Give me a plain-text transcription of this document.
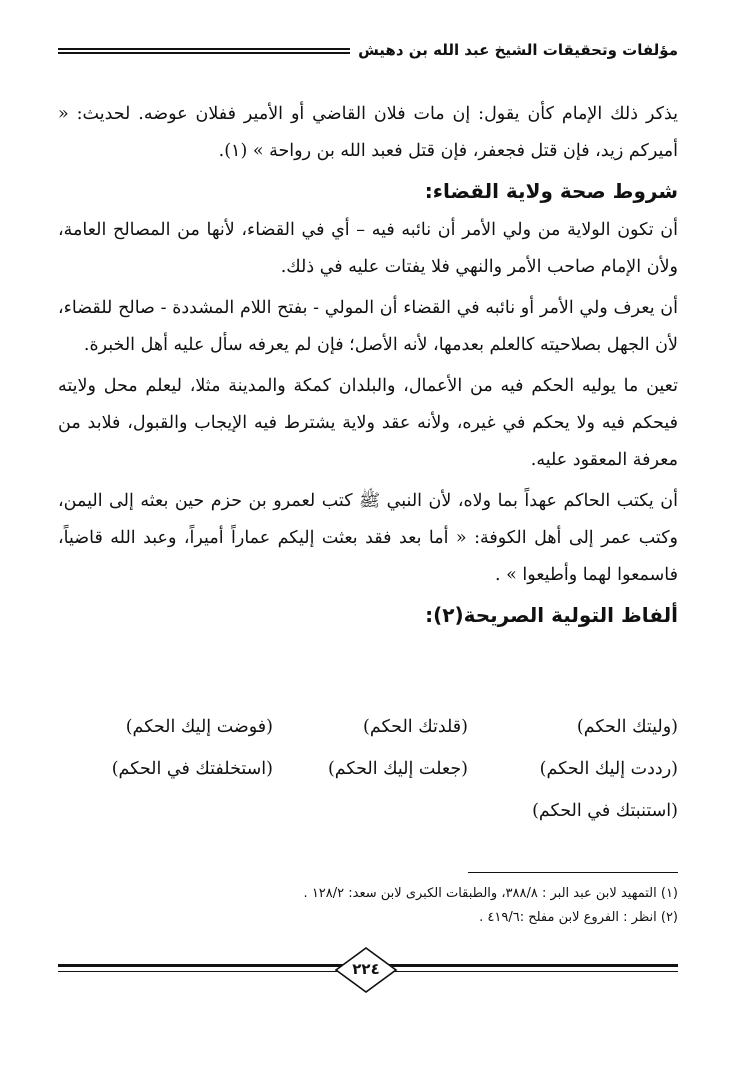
مؤلفات وتحقيقات الشيخ عبد الله بن دهيش

يذكر ذلك الإمام كأن يقول: إن مات فلان القاضي أو الأمير ففلان عوضه. لحديث: « أميركم زيد، فإن قتل فجعفر، فإن قتل فعبد الله بن رواحة » (١).

شروط صحة ولاية القضاء:

أن تكون الولاية من ولي الأمر أن نائبه فيه – أي في القضاء، لأنها من المصالح العامة، ولأن الإمام صاحب الأمر والنهي فلا يفتات عليه في ذلك.

أن يعرف ولي الأمر أو نائبه في القضاء أن المولي - بفتح اللام المشددة - صالح للقضاء، لأن الجهل بصلاحيته كالعلم بعدمها، لأنه الأصل؛ فإن لم يعرفه سأل عليه أهل الخبرة.

تعين ما يوليه الحكم فيه من الأعمال، والبلدان كمكة والمدينة مثلا، ليعلم محل ولايته فيحكم فيه ولا يحكم في غيره، ولأنه عقد ولاية يشترط فيه الإيجاب والقبول، فلابد من معرفة المعقود عليه.

أن يكتب الحاكم عهداً بما ولاه، لأن النبي ﷺ كتب لعمرو بن حزم حين بعثه إلى اليمن، وكتب عمر إلى أهل الكوفة: « أما بعد فقد بعثت إليكم عماراً أميراً، وعبد الله قاضياً، فاسمعوا لهما وأطيعوا » .

ألفاظ التولية الصريحة(٢):
(وليتك الحكم)
(قلدتك الحكم)
(فوضت إليك الحكم)
(رددت إليك الحكم)
(جعلت إليك الحكم)
(استخلفتك في الحكم)
(استنبتك في الحكم)
(١) التمهيد لابن عبد البر : ٣٨٨/٨، والطبقات الكبرى لابن سعد: ١٢٨/٢ .
(٢) انظر : الفروع لابن مفلح :٤١٩/٦ .
٢٢٤
